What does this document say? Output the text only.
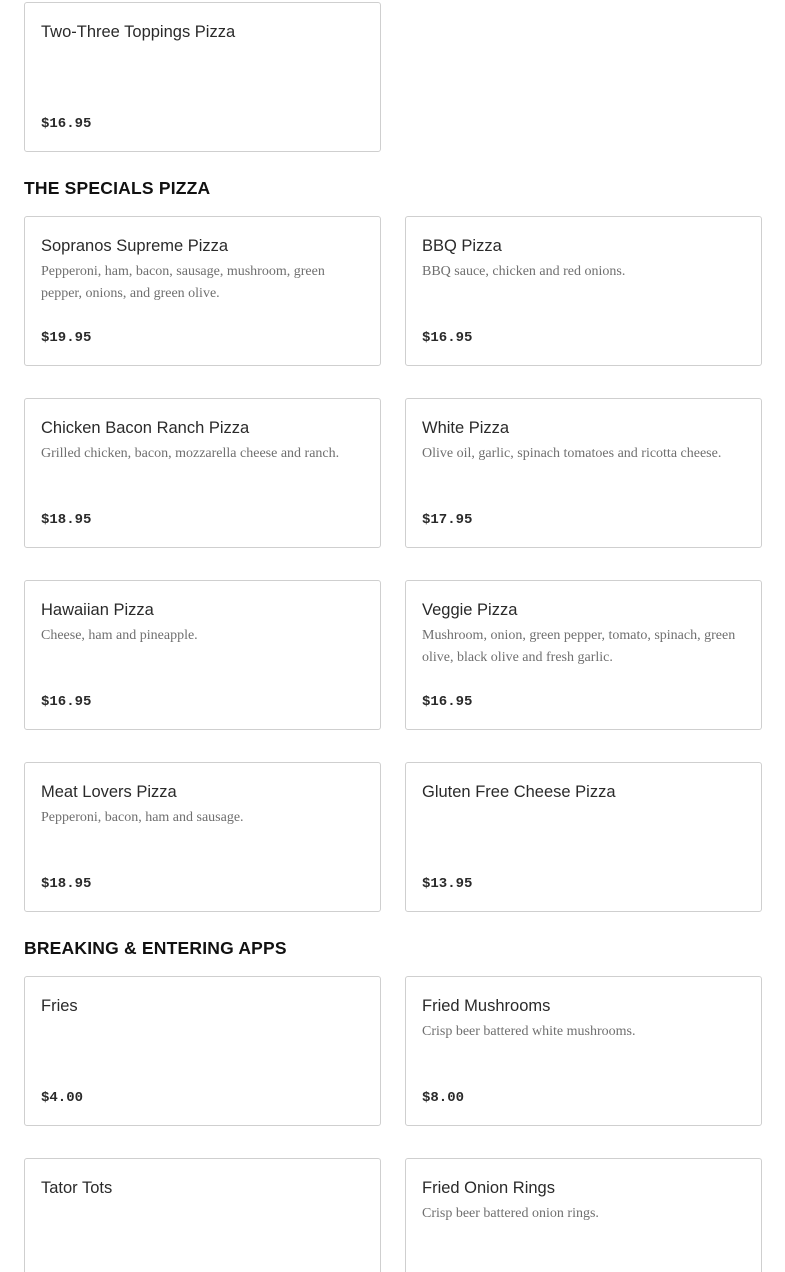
Two-Three Toppings Pizza
$16.95
THE SPECIALS PIZZA
Sopranos Supreme Pizza
Pepperoni, ham, bacon, sausage, mushroom, green pepper, onions, and green olive.
$19.95
BBQ Pizza
BBQ sauce, chicken and red onions.
$16.95
Chicken Bacon Ranch Pizza
Grilled chicken, bacon, mozzarella cheese and ranch.
$18.95
White Pizza
Olive oil, garlic, spinach tomatoes and ricotta cheese.
$17.95
Hawaiian Pizza
Cheese, ham and pineapple.
$16.95
Veggie Pizza
Mushroom, onion, green pepper, tomato, spinach, green olive, black olive and fresh garlic.
$16.95
Meat Lovers Pizza
Pepperoni, bacon, ham and sausage.
$18.95
Gluten Free Cheese Pizza
$13.95
BREAKING & ENTERING APPS
Fries
$4.00
Fried Mushrooms
Crisp beer battered white mushrooms.
$8.00
Tator Tots	Fried Onion Rings
Crisp beer battered onion rings.
